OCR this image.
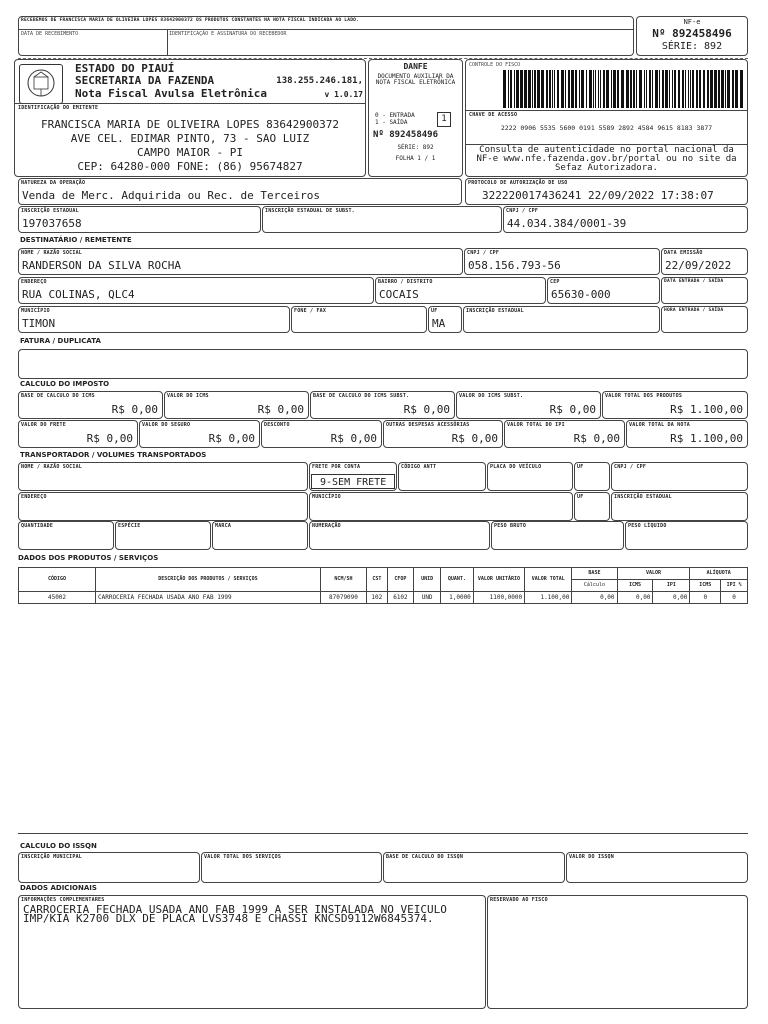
RECEBEMOS DE FRANCISCA MARIA DE OLIVEIRA LOPES 83642900372 OS PRODUTOS CONSTANTES NA NOTA FISCAL INDICADA AO LADO.
DATA DE RECEBIMENTO	IDENTIFICAÇÃO E ASSINATURA DO RECEBEDOR
NF-e
Nº 892458496
SÉRIE: 892
ESTADO DO PIAUÍ
SECRETARIA DA FAZENDA	138.255.246.181,
Nota Fiscal Avulsa Eletrônica	v 1.0.17
IDENTIFICAÇÃO DO EMITENTE
FRANCISCA MARIA DE OLIVEIRA LOPES 83642900372
AVE CEL. EDIMAR PINTO, 73 - SAO LUIZ
CAMPO MAIOR - PI
CEP: 64280-000 FONE: (86) 95674827
DANFE
DOCUMENTO AUXILIAR DA NOTA FISCAL ELETRÔNICA
0 - ENTRADA
1 - SAÍDA	1
Nº 892458496
SÉRIE: 892
FOLHA 1 / 1
CONTROLE DO FISCO
CHAVE DE ACESSO
2222 0906 5535 5600 0191 5589 2892 4584 9615 8183 3877
Consulta de autenticidade no portal nacional da NF-e www.nfe.fazenda.gov.br/portal ou no site da Sefaz Autorizadora.
NATUREZA DA OPERAÇÃO
Venda de Merc. Adquirida ou Rec. de Terceiros
PROTOCOLO DE AUTORIZAÇÃO DE USO
322220017436241 22/09/2022 17:38:07
INSCRIÇÃO ESTADUAL
197037658
INSCRIÇÃO ESTADUAL DE SUBST.	CNPJ / CPF
44.034.384/0001-39
DESTINATÁRIO / REMETENTE
NOME / RAZÃO SOCIAL
RANDERSON DA SILVA ROCHA
CNPJ / CPF
058.156.793-56
DATA EMISSÃO
22/09/2022
ENDEREÇO
RUA COLINAS, QLC4
BAIRRO / DISTRITO
COCAIS
CEP
65630-000
DATA ENTRADA / SAÍDA
MUNICÍPIO
TIMON
FONE / FAX	UF
MA
INSCRIÇÃO ESTADUAL	HORA ENTRADA / SAÍDA
FATURA / DUPLICATA
CALCULO DO IMPOSTO
BASE DE CALCULO DO ICMS
R$ 0,00
VALOR DO ICMS
R$ 0,00
BASE DE CALCULO DO ICMS SUBST.
R$ 0,00
VALOR DO ICMS SUBST.
R$ 0,00
VALOR TOTAL DOS PRODUTOS
R$ 1.100,00
VALOR DO FRETE
R$ 0,00
VALOR DO SEGURO
R$ 0,00
DESCONTO
R$ 0,00
OUTRAS DESPESAS ACESSÓRIAS
R$ 0,00
VALOR TOTAL DO IPI
R$ 0,00
VALOR TOTAL DA NOTA
R$ 1.100,00
TRANSPORTADOR / VOLUMES TRANSPORTADOS
NOME / RAZÃO SOCIAL	FRETE POR CONTA
9-SEM FRETE
CÓDIGO ANTT	PLACA DO VEÍCULO	UF	CNPJ / CPF
ENDEREÇO	MUNICÍPIO	UF	INSCRIÇÃO ESTADUAL
QUANTIDADE	ESPÉCIE	MARCA	NUMERAÇÃO	PESO BRUTO	PESO LÍQUIDO
DADOS DOS PRODUTOS / SERVIÇOS
CÓDIGO	DESCRIÇÃO DOS PRODUTOS / SERVIÇOS	NCM/SH	CST	CFOP	UNID	QUANT.	VALOR UNITÁRIO	VALOR TOTAL	BASE	VALOR		ALÍQUOTA	
									Cálculo	ICMS	IPI	ICMS	IPI %
45002	CARROCERIA FECHADA USADA ANO FAB 1999	87079090	102	6102	UND	1,0000	1100,0000	1.100,00	0,00	0,00	0,00	0	0
CALCULO DO ISSQN
INSCRIÇÃO MUNICIPAL	VALOR TOTAL DOS SERVIÇOS	BASE DE CALCULO DO ISSQN	VALOR DO ISSQN
DADOS ADICIONAIS
INFORMAÇÕES COMPLEMENTARES
CARROCERIA FECHADA USADA ANO FAB 1999 A SER INSTALADA NO VEICULO IMP/KIA K2700 DLX DE PLACA LVS3748 E CHASSI KNCSD9112W6845374.
RESERVADO AO FISCO
